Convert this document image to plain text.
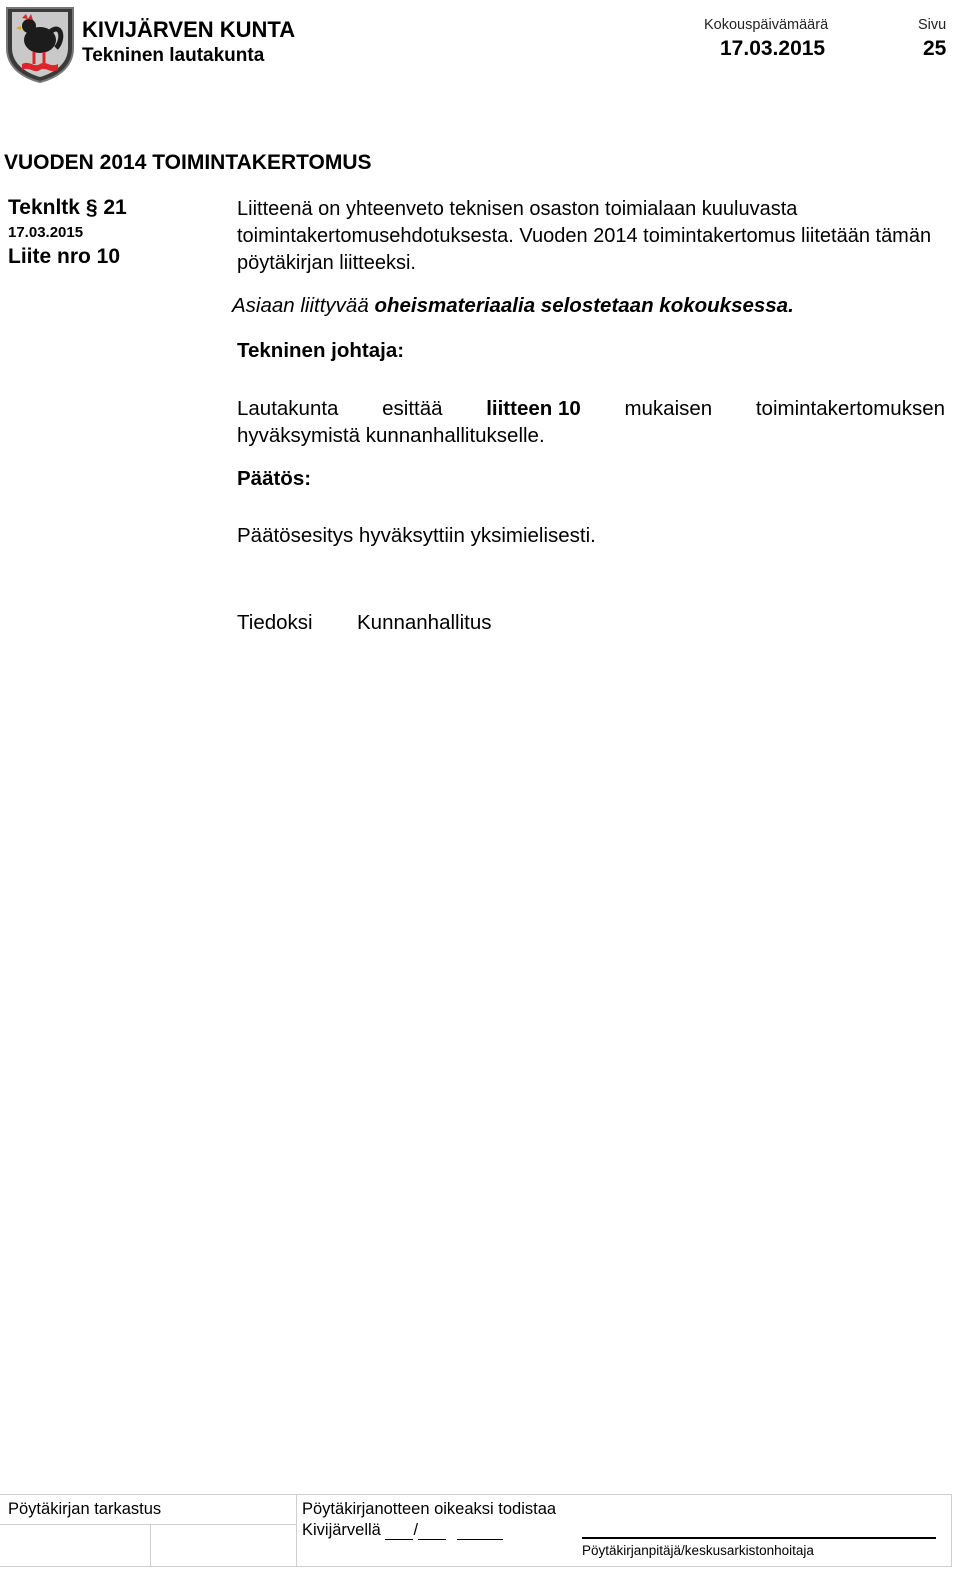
KIVIJÄRVEN KUNTA
Tekninen lautakunta
Kokouspäivämäärä
17.03.2015
Sivu
25
VUODEN 2014 TOIMINTAKERTOMUS
Teknltk § 21
17.03.2015
Liite nro 10
Liitteenä on yhteenveto teknisen osaston toimialaan kuuluvasta toimintakertomusehdotuksesta. Vuoden 2014 toimintakertomus liitetään tämän pöytäkirjan liitteeksi.
Asiaan liittyvää oheismateriaalia selostetaan kokouksessa.
Tekninen johtaja:
Lautakunta esittää liitteen 10 mukaisen toimintakertomuksen
hyväksymistä kunnanhallitukselle.
Päätös:
Päätösesitys hyväksyttiin yksimielisesti.
Tiedoksi Kunnanhallitus
Pöytäkirjan tarkastus	Pöytäkirjanotteen oikeaksi todistaa
Kivijärvellä /
Pöytäkirjanpitäjä/keskusarkistonhoitaja
